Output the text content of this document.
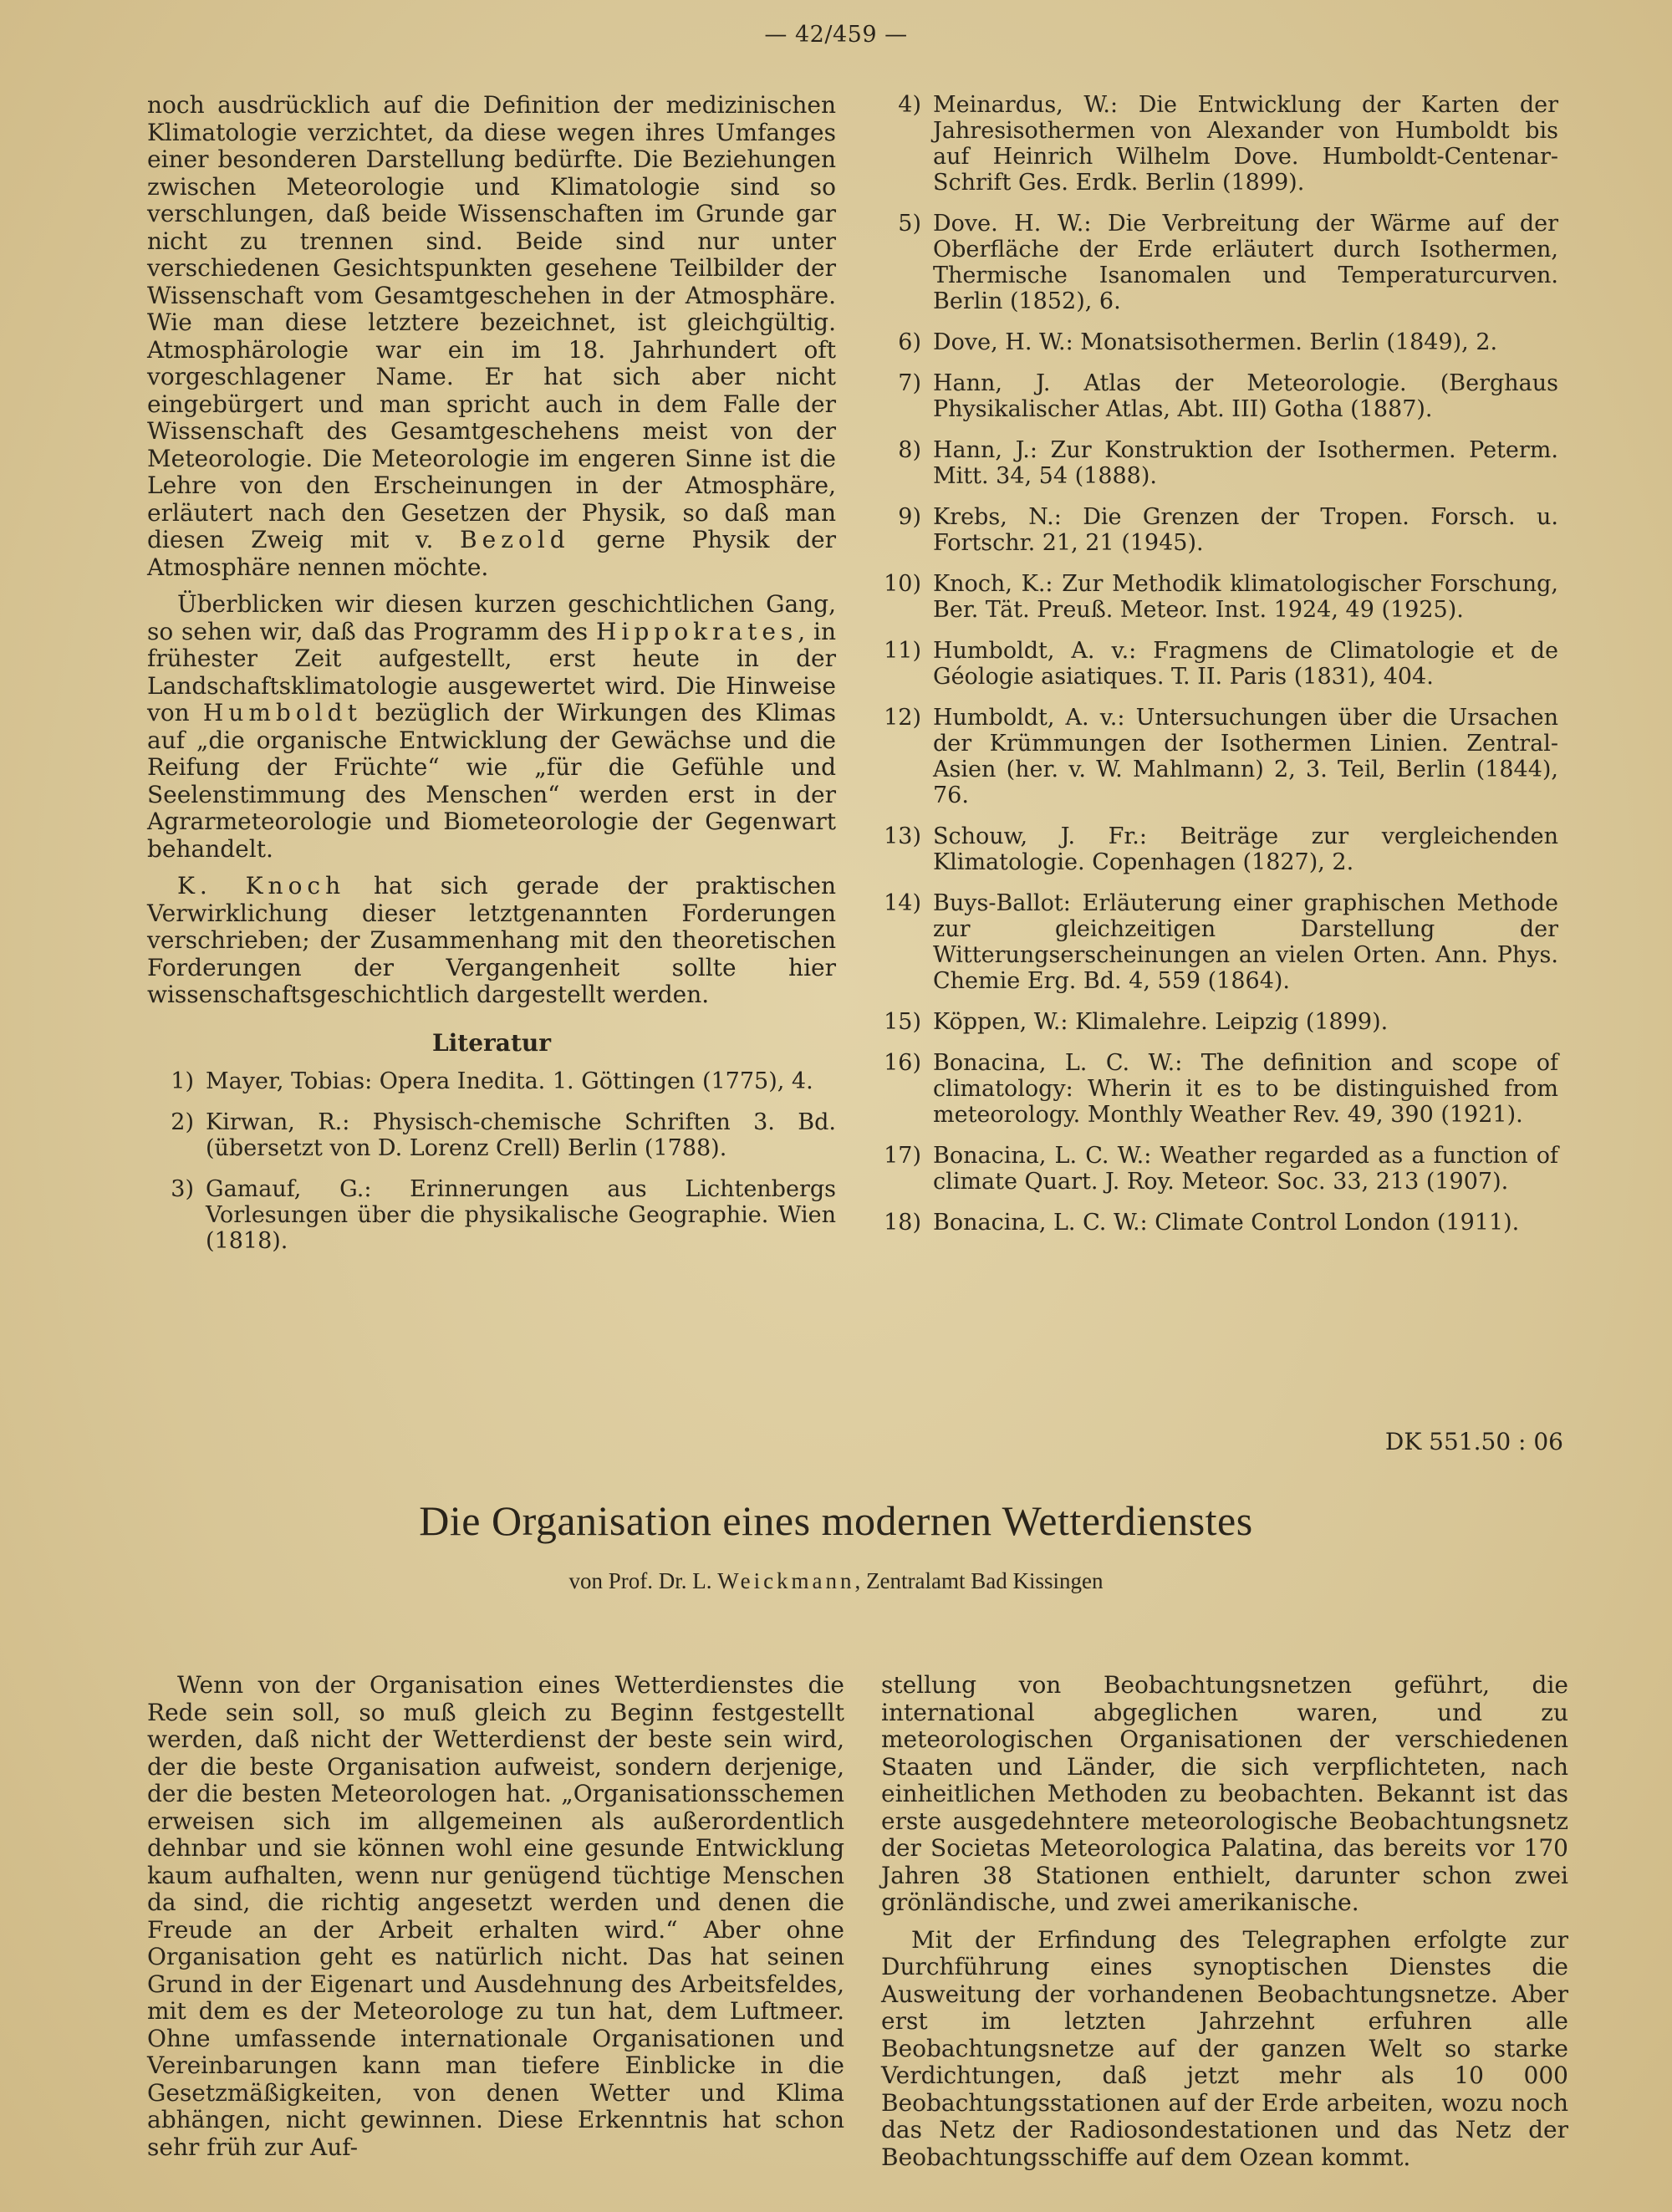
— 42/459 —

noch ausdrücklich auf die Definition der medizinischen Klimatologie verzichtet, da diese wegen ihres Umfanges einer besonderen Darstellung bedürfte. Die Beziehungen zwischen Meteorologie und Klimatologie sind so verschlungen, daß beide Wissenschaften im Grunde gar nicht zu trennen sind. Beide sind nur unter verschiedenen Gesichtspunkten gesehene Teilbilder der Wissenschaft vom Gesamtgeschehen in der Atmosphäre. Wie man diese letztere bezeichnet, ist gleichgültig. Atmosphärologie war ein im 18. Jahrhundert oft vorgeschlagener Name. Er hat sich aber nicht eingebürgert und man spricht auch in dem Falle der Wissenschaft des Gesamtgeschehens meist von der Meteorologie. Die Meteorologie im engeren Sinne ist die Lehre von den Erscheinungen in der Atmosphäre, erläutert nach den Gesetzen der Physik, so daß man diesen Zweig mit v. Bezold gerne Physik der Atmosphäre nennen möchte.

Überblicken wir diesen kurzen geschichtlichen Gang, so sehen wir, daß das Programm des Hippokrates, in frühester Zeit aufgestellt, erst heute in der Landschaftsklimatologie ausgewertet wird. Die Hinweise von Humboldt bezüglich der Wirkungen des Klimas auf „die organische Entwicklung der Gewächse und die Reifung der Früchte“ wie „für die Gefühle und Seelenstimmung des Menschen“ werden erst in der Agrarmeteorologie und Biometeorologie der Gegenwart behandelt.

K. Knoch hat sich gerade der praktischen Verwirklichung dieser letztgenannten Forderungen verschrieben; der Zusammenhang mit den theoretischen Forderungen der Vergangenheit sollte hier wissenschaftsgeschichtlich dargestellt werden.

Literatur
1) Mayer, Tobias: Opera Inedita. 1. Göttingen (1775), 4.
2) Kirwan, R.: Physisch-chemische Schriften 3. Bd. (übersetzt von D. Lorenz Crell) Berlin (1788).
3) Gamauf, G.: Erinnerungen aus Lichtenbergs Vorlesungen über die physikalische Geographie. Wien (1818).
4) Meinardus, W.: Die Entwicklung der Karten der Jahresisothermen von Alexander von Humboldt bis auf Heinrich Wilhelm Dove. Humboldt-Centenar-Schrift Ges. Erdk. Berlin (1899).
5) Dove. H. W.: Die Verbreitung der Wärme auf der Oberfläche der Erde erläutert durch Isothermen, Thermische Isanomalen und Temperaturcurven. Berlin (1852), 6.
6) Dove, H. W.: Monatsisothermen. Berlin (1849), 2.
7) Hann, J. Atlas der Meteorologie. (Berghaus Physikalischer Atlas, Abt. III) Gotha (1887).
8) Hann, J.: Zur Konstruktion der Isothermen. Peterm. Mitt. 34, 54 (1888).
9) Krebs, N.: Die Grenzen der Tropen. Forsch. u. Fortschr. 21, 21 (1945).
10) Knoch, K.: Zur Methodik klimatologischer Forschung, Ber. Tät. Preuß. Meteor. Inst. 1924, 49 (1925).
11) Humboldt, A. v.: Fragmens de Climatologie et de Géologie asiatiques. T. II. Paris (1831), 404.
12) Humboldt, A. v.: Untersuchungen über die Ursachen der Krümmungen der Isothermen Linien. Zentral-Asien (her. v. W. Mahlmann) 2, 3. Teil, Berlin (1844), 76.
13) Schouw, J. Fr.: Beiträge zur vergleichenden Klimatologie. Copenhagen (1827), 2.
14) Buys-Ballot: Erläuterung einer graphischen Methode zur gleichzeitigen Darstellung der Witterungserscheinungen an vielen Orten. Ann. Phys. Chemie Erg. Bd. 4, 559 (1864).
15) Köppen, W.: Klimalehre. Leipzig (1899).
16) Bonacina, L. C. W.: The definition and scope of climatology: Wherin it es to be distinguished from meteorology. Monthly Weather Rev. 49, 390 (1921).
17) Bonacina, L. C. W.: Weather regarded as a function of climate Quart. J. Roy. Meteor. Soc. 33, 213 (1907).
18) Bonacina, L. C. W.: Climate Control London (1911).
DK 551.50 : 06
Die Organisation eines modernen Wetterdienstes
von Prof. Dr. L. Weickmann, Zentralamt Bad Kissingen

Wenn von der Organisation eines Wetterdienstes die Rede sein soll, so muß gleich zu Beginn festgestellt werden, daß nicht der Wetterdienst der beste sein wird, der die beste Organisation aufweist, sondern derjenige, der die besten Meteorologen hat. „Organisationsschemen erweisen sich im allgemeinen als außerordentlich dehnbar und sie können wohl eine gesunde Entwicklung kaum aufhalten, wenn nur genügend tüchtige Menschen da sind, die richtig angesetzt werden und denen die Freude an der Arbeit erhalten wird.“ Aber ohne Organisation geht es natürlich nicht. Das hat seinen Grund in der Eigenart und Ausdehnung des Arbeitsfeldes, mit dem es der Meteorologe zu tun hat, dem Luftmeer. Ohne umfassende internationale Organisationen und Vereinbarungen kann man tiefere Einblicke in die Gesetzmäßigkeiten, von denen Wetter und Klima abhängen, nicht gewinnen. Diese Erkenntnis hat schon sehr früh zur Auf-

stellung von Beobachtungsnetzen geführt, die international abgeglichen waren, und zu meteorologischen Organisationen der verschiedenen Staaten und Länder, die sich verpflichteten, nach einheitlichen Methoden zu beobachten. Bekannt ist das erste ausgedehntere meteorologische Beobachtungsnetz der Societas Meteorologica Palatina, das bereits vor 170 Jahren 38 Stationen enthielt, darunter schon zwei grönländische, und zwei amerikanische.

Mit der Erfindung des Telegraphen erfolgte zur Durchführung eines synoptischen Dienstes die Ausweitung der vorhandenen Beobachtungsnetze. Aber erst im letzten Jahrzehnt erfuhren alle Beobachtungsnetze auf der ganzen Welt so starke Verdichtungen, daß jetzt mehr als 10 000 Beobachtungsstationen auf der Erde arbeiten, wozu noch das Netz der Radiosondestationen und das Netz der Beobachtungsschiffe auf dem Ozean kommt.
